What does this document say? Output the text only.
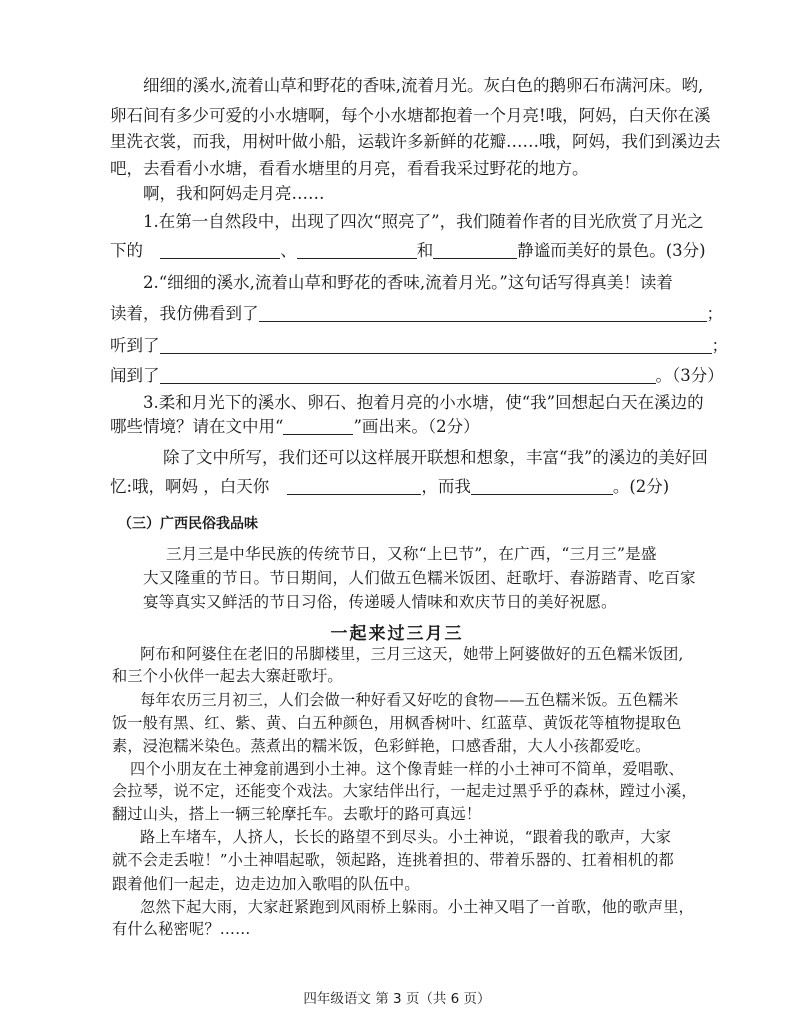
细细的溪水,流着山草和野花的香味,流着月光。灰白色的鹅卵石布满河床。哟,
卵石间有多少可爱的小水塘啊，每个小水塘都抱着一个月亮!哦，阿妈，白天你在溪
里洗衣裳，而我，用树叶做小船，运载许多新鲜的花瓣……哦，阿妈，我们到溪边去
吧，去看看小水塘，看看水塘里的月亮，看看我采过野花的地方。
啊，我和阿妈走月亮……
1.在第一自然段中，出现了四次“照亮了”，我们随着作者的目光欣赏了月光之
下的	、	和	静谧而美好的景色。(3分)
2.“细细的溪水,流着山草和野花的香味,流着月光。”这句话写得真美！读着
读着，我仿佛看到了	；
听到了	；
闻到了	。（3分）
3.柔和月光下的溪水、卵石、抱着月亮的小水塘，使“我”回想起白天在溪边的
哪些情境？请在文中用“	”画出来。（2分）
除了文中所写，我们还可以这样展开联想和想象，丰富“我”的溪边的美好回
忆:哦，啊妈 ，白天你	，而我	。(2分)
（三）广西民俗我品味
三月三是中华民族的传统节日，又称“上巳节”，在广西，“三月三”是盛
大又隆重的节日。节日期间，人们做五色糯米饭团、赶歌圩、春游踏青、吃百家
宴等真实又鲜活的节日习俗，传递暖人情味和欢庆节日的美好祝愿。
一起来过三月三
阿布和阿婆住在老旧的吊脚楼里，三月三这天，她带上阿婆做好的五色糯米饭团,
和三个小伙伴一起去大寨赶歌圩。
每年农历三月初三，人们会做一种好看又好吃的食物——五色糯米饭。五色糯米
饭一般有黑、红、紫、黄、白五种颜色，用枫香树叶、红蓝草、黄饭花等植物提取色
素，浸泡糯米染色。蒸煮出的糯米饭，色彩鲜艳，口感香甜，大人小孩都爱吃。
四个小朋友在土神龛前遇到小土神。这个像青蛙一样的小土神可不简单，爱唱歌、
会拉琴，说不定，还能变个戏法。大家结伴出行，一起走过黑乎乎的森林，蹚过小溪，
翻过山头，搭上一辆三轮摩托车。去歌圩的路可真远！
路上车堵车，人挤人，长长的路望不到尽头。小土神说，“跟着我的歌声，大家
就不会走丢啦！”小土神唱起歌，领起路，连挑着担的、带着乐器的、扛着相机的都
跟着他们一起走，边走边加入歌唱的队伍中。
忽然下起大雨，大家赶紧跑到风雨桥上躲雨。小土神又唱了一首歌，他的歌声里，
有什么秘密呢？……
四年级语文 第 3 页（共 6 页）
